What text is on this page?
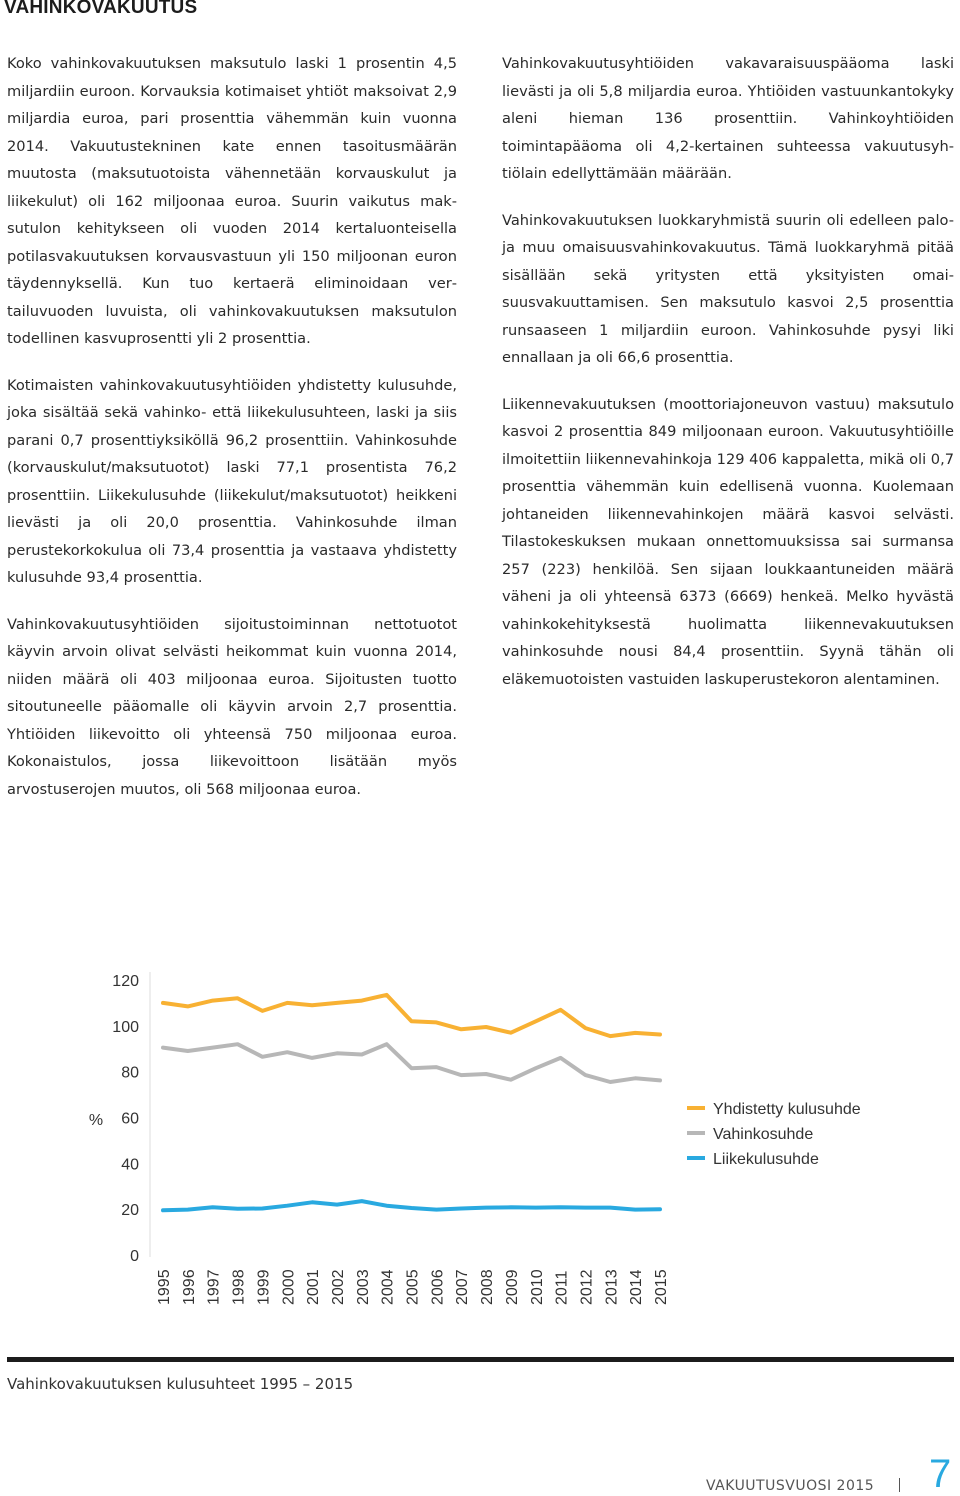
VAHINKOVAKUUTUS

Koko vahinkovakuutuksen maksutulo laski 1 prosentin 4,5 miljardiin euroon. Korvauksia kotimaiset yhtiöt maksoivat 2,9 miljardia euroa, pari prosenttia vähemmän kuin vuonna 2014. Vakuutustekninen kate ennen tasoitusmäärän muutosta (maksutuotoista vähennetään korvauskulut ja liikekulut) oli 162 miljoonaa euroa. Suurin vaikutus maksutulon kehitykseen oli vuoden 2014 kertaluonteisella potilasvakuutuksen korvausvastuun yli 150 miljoonan euron täydennyksellä. Kun tuo kertaerä eliminoidaan vertailuvuoden luvuista, oli vahinkovakuutuksen maksutulon todellinen kasvuprosentti yli 2 prosenttia.

Kotimaisten vahinkovakuutusyhtiöiden yhdistetty kulusuhde, joka sisältää sekä vahinko- että liikekulusuhteen, laski ja siis parani 0,7 prosenttiyksiköllä 96,2 prosenttiin. Vahinkosuhde (korvauskulut/maksutuotot) laski 77,1 prosentista 76,2 prosenttiin. Liikekulusuhde (liikekulut/maksutuotot) heikkeni lievästi ja oli 20,0 prosenttia. Vahinkosuhde ilman perustekorkokulua oli 73,4 prosenttia ja vastaava yhdistetty kulusuhde 93,4 prosenttia.

Vahinkovakuutusyhtiöiden sijoitustoiminnan nettotuotot käyvin arvoin olivat selvästi heikommat kuin vuonna 2014, niiden määrä oli 403 miljoonaa euroa. Sijoitusten tuotto sitoutuneelle pääomalle oli käyvin arvoin 2,7 prosenttia. Yhtiöiden liikevoitto oli yhteensä 750 miljoonaa euroa. Kokonaistulos, jossa liikevoittoon lisätään myös arvostuserojen muutos, oli 568 miljoonaa euroa.

Vahinkovakuutusyhtiöiden vakavaraisuuspääoma laski lievästi ja oli 5,8 miljardia euroa. Yhtiöiden vastuunkantokyky aleni hieman 136 prosenttiin. Vahinkoyhtiöiden toimintapääoma oli 4,2-kertainen suhteessa vakuutusyhtiölain edellyttämään määrään.

Vahinkovakuutuksen luokkaryhmistä suurin oli edelleen palo- ja muu omaisuusvahinkovakuutus. Tämä luokkaryhmä pitää sisällään sekä yritysten että yksityisten omaisuusvakuuttamisen. Sen maksutulo kasvoi 2,5 prosenttia runsaaseen 1 miljardiin euroon. Vahinkosuhde pysyi liki ennallaan ja oli 66,6 prosenttia.

Liikennevakuutuksen (moottoriajoneuvon vastuu) maksutulo kasvoi 2 prosenttia 849 miljoonaan euroon. Vakuutusyhtiöille ilmoitettiin liikennevahinkoja 129 406 kappaletta, mikä oli 0,7 prosenttia vähemmän kuin edellisenä vuonna. Kuolemaan johtaneiden liikennevahinkojen määrä kasvoi selvästi. Tilastokeskuksen mukaan onnettomuuksissa sai surmansa 257 (223) henkilöä. Sen sijaan loukkaantuneiden määrä väheni ja oli yhteensä 6373 (6669) henkeä. Melko hyvästä vahinkokehityksestä huolimatta liikennevakuutuksen vahinkosuhde nousi 84,4 prosenttiin. Syynä tähän oli eläkemuotoisten vastuiden laskuperustekoron alentaminen.

0
20
40
60
80
100
120
%
1995 1996 1997 1998 1999 2000 2001 2002 2003 2004 2005 2006 2007 2008 2009 2010 2011 2012 2013 2014 2015
Yhdistetty kulusuhde
Vahinkosuhde
Liikekulusuhde
Vahinkovakuutuksen kulusuhteet 1995 – 2015
VAKUUTUSVUOSI 2015 7
